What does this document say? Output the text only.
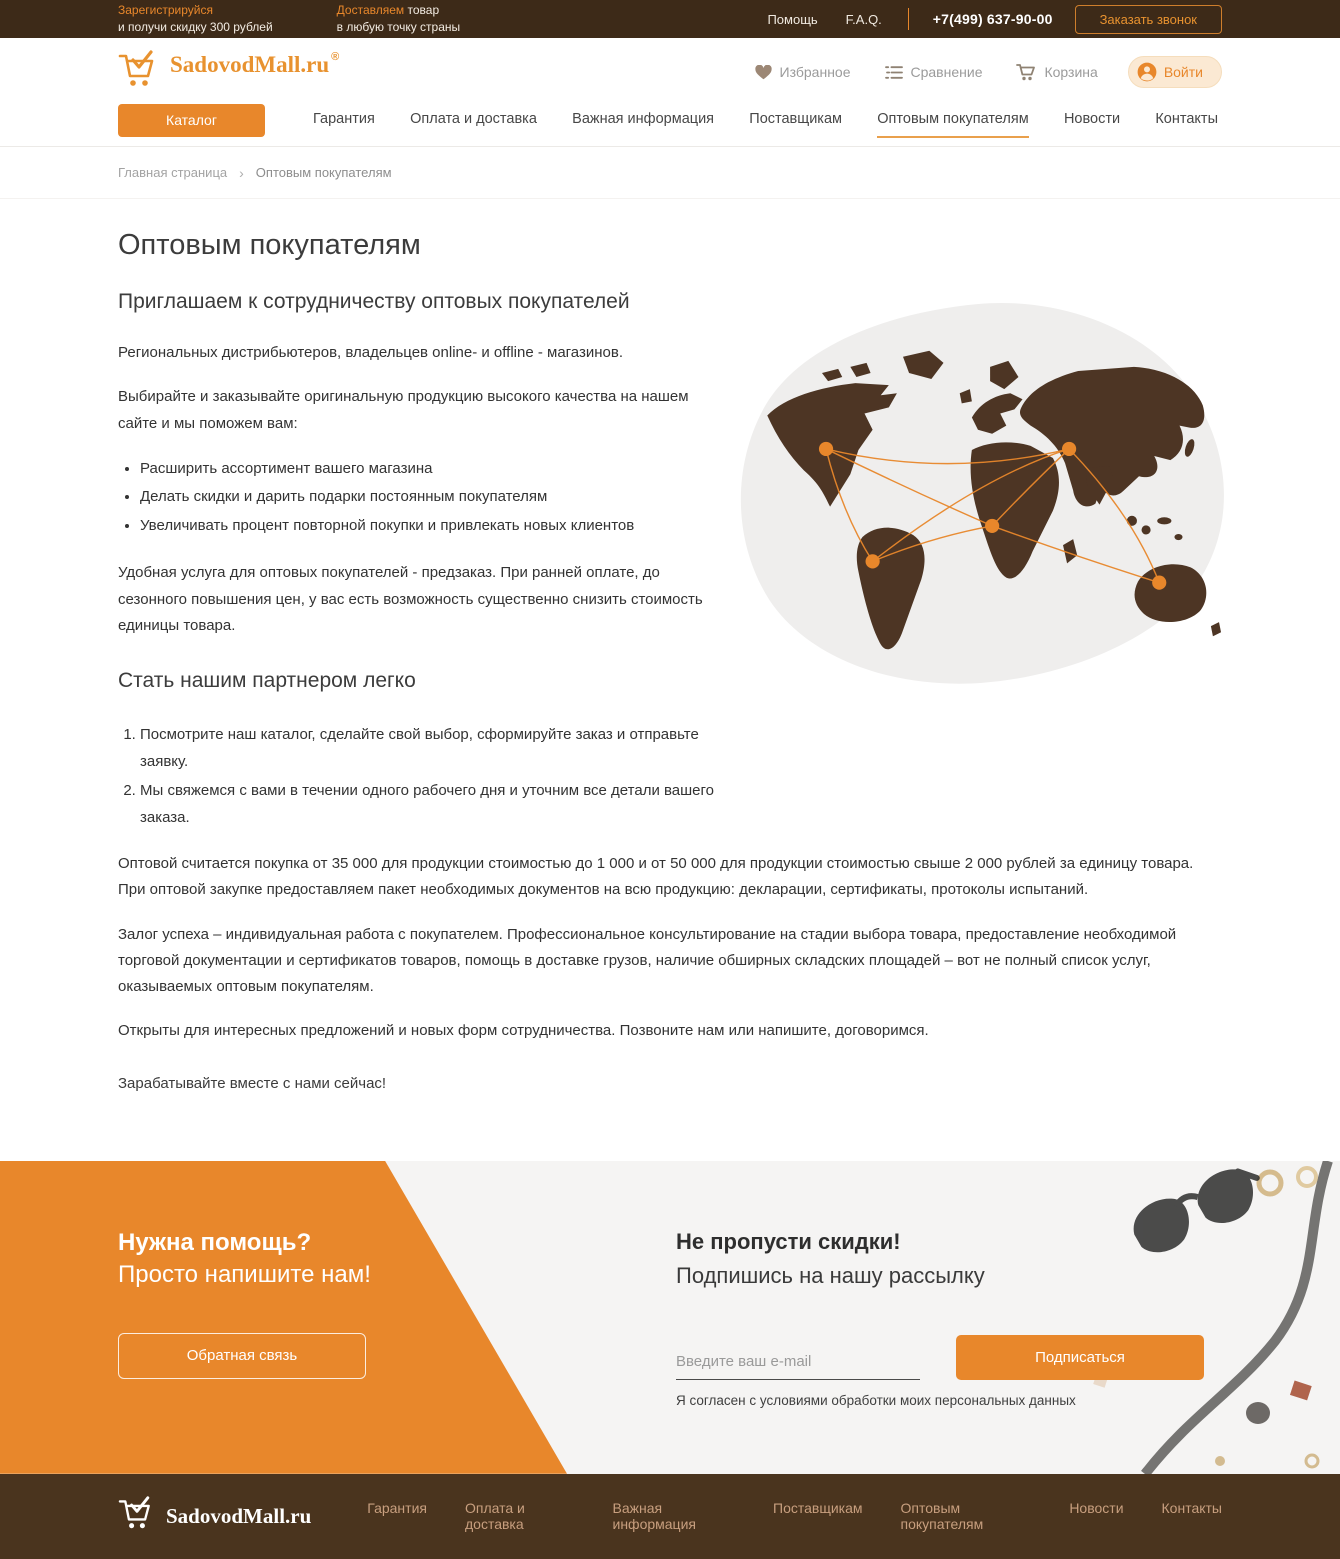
Зарегистрируйся
и получи скидку 300 рублей
Доставляем товар
в любую точку страны
Помощь F.A.Q.	+7(499) 637-90-00	Заказать звонок
SadovodMall.ru ®
Избранное	Сравнение	Корзина	Войти
Каталог	Гарантия Оплата и доставка Важная информация Поставщикам Оптовым покупателям Новости Контакты
Главная страница › Оптовым покупателям
Оптовым покупателям
Приглашаем к сотрудничеству оптовых покупателей

Региональных дистрибьютеров, владельцев online- и offline - магазинов.

Выбирайте и заказывайте оригинальную продукцию высокого качества на нашем сайте и мы поможем вам:

• Расширить ассортимент вашего магазина
• Делать скидки и дарить подарки постоянным покупателям
• Увеличивать процент повторной покупки и привлекать новых клиентов

Удобная услуга для оптовых покупателей - предзаказ. При ранней оплате, до сезонного повышения цен, у вас есть возможность существенно снизить стоимость единицы товара.

Стать нашим партнером легко
1. Посмотрите наш каталог, сделайте свой выбор, сформируйте заказ и отправьте заявку.
2. Мы свяжемся с вами в течении одного рабочего дня и уточним все детали вашего заказа.

Оптовой считается покупка от 35 000 для продукции стоимостью до 1 000 и от 50 000 для продукции стоимостью свыше 2 000 рублей за единицу товара. При оптовой закупке предоставляем пакет необходимых документов на всю продукцию: декларации, сертификаты, протоколы испытаний.

Залог успеха – индивидуальная работа с покупателем. Профессиональное консультирование на стадии выбора товара, предоставление необходимой торговой документации и сертификатов товаров, помощь в доставке грузов, наличие обширных складских площадей – вот не полный список услуг, оказываемых оптовым покупателям.

Открыты для интересных предложений и новых форм сотрудничества. Позвоните нам или напишите, договоримся.

Зарабатывайте вместе с нами сейчас!

Нужна помощь?
Просто напишите нам!
Обратная связь
Не пропусти скидки!
Подпишись на нашу рассылку
Введите ваш e-mail
Подписаться
Я согласен с условиями обработки моих персональных данных
SadovodMall.ru	Гарантия	Оплата и доставка
Важная информация
Поставщикам	Оптовым покупателям
Новости	Контакты
